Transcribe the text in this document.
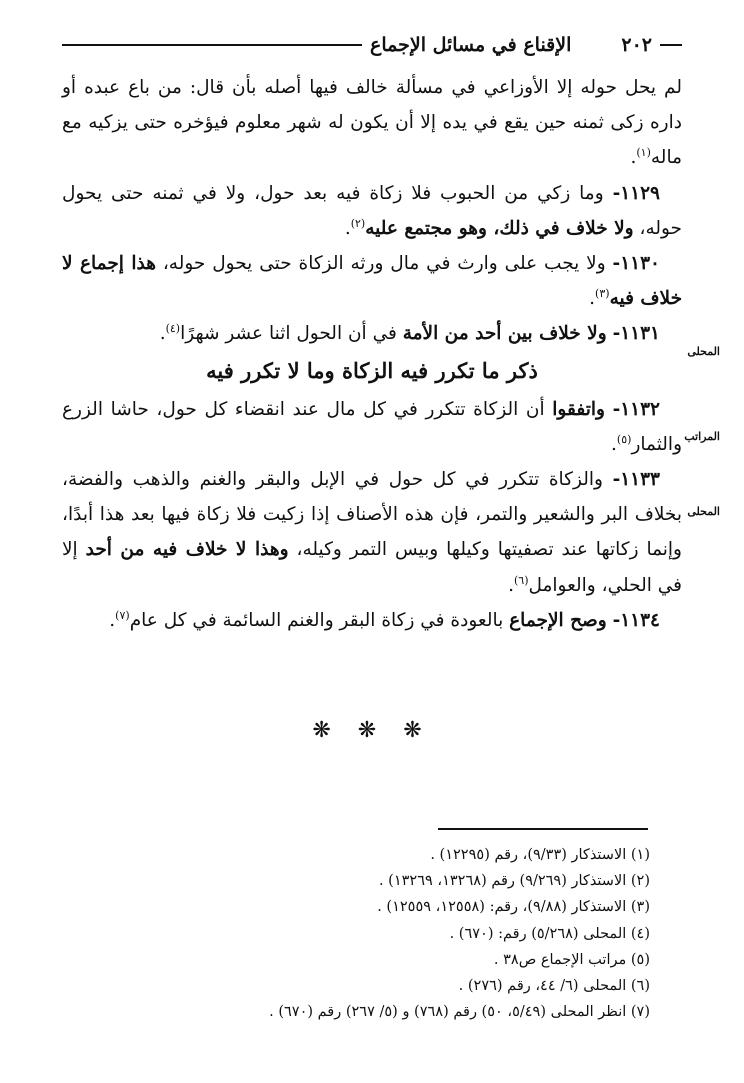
٢٠٢
الإقناع في مسائل الإجماع
المحلى
المراتب
المحلى

لم يحل حوله إلا الأوزاعي في مسألة خالف فيها أصله بأن قال: من باع عبده أو داره زكى ثمنه حين يقع في يده إلا أن يكون له شهر معلوم فيؤخره حتى يزكيه مع ماله$^{(١)}$.

١١٢٩- وما زكي من الحبوب فلا زكاة فيه بعد حول، ولا في ثمنه حتى يحول حوله، ولا خلاف في ذلك، وهو مجتمع عليه$^{(٢)}$.

١١٣٠- ولا يجب على وارث في مال ورثه الزكاة حتى يحول حوله، هذا إجماع لا خلاف فيه$^{(٣)}$.

١١٣١- ولا خلاف بين أحد من الأمة في أن الحول اثنا عشر شهرًا$^{(٤)}$.

ذكر ما تكرر فيه الزكاة وما لا تكرر فيه

١١٣٢- واتفقوا أن الزكاة تتكرر في كل مال عند انقضاء كل حول، حاشا الزرع والثمار$^{(٥)}$.

١١٣٣- والزكاة تتكرر في كل حول في الإبل والبقر والغنم والذهب والفضة، بخلاف البر والشعير والتمر، فإن هذه الأصناف إذا زكيت فلا زكاة فيها بعد هذا أبدًا، وإنما زكاتها عند تصفيتها وكيلها وبيس التمر وكيله، وهذا لا خلاف فيه من أحد إلا في الحلي، والعوامل$^{(٦)}$.

١١٣٤- وصح الإجماع بالعودة في زكاة البقر والغنم السائمة في كل عام$^{(٧)}$.

❋ ❋ ❋
(١) الاستذكار (٩/٣٣)، رقم (١٢٢٩٥) .
(٢) الاستذكار (٩/٢٦٩) رقم (١٣٢٦٨، ١٣٢٦٩) .
(٣) الاستذكار (٩/٨٨)، رقم: (١٢٥٥٨، ١٢٥٥٩) .
(٤) المحلى (٥/٢٦٨) رقم: (٦٧٠) .
(٥) مراتب الإجماع ص٣٨ .
(٦) المحلى (٦/ ٤٤، رقم (٢٧٦) .
(٧) انظر المحلى (٥/٤٩، ٥٠) رقم (٧٦٨) و (٥/ ٢٦٧) رقم (٦٧٠) .
